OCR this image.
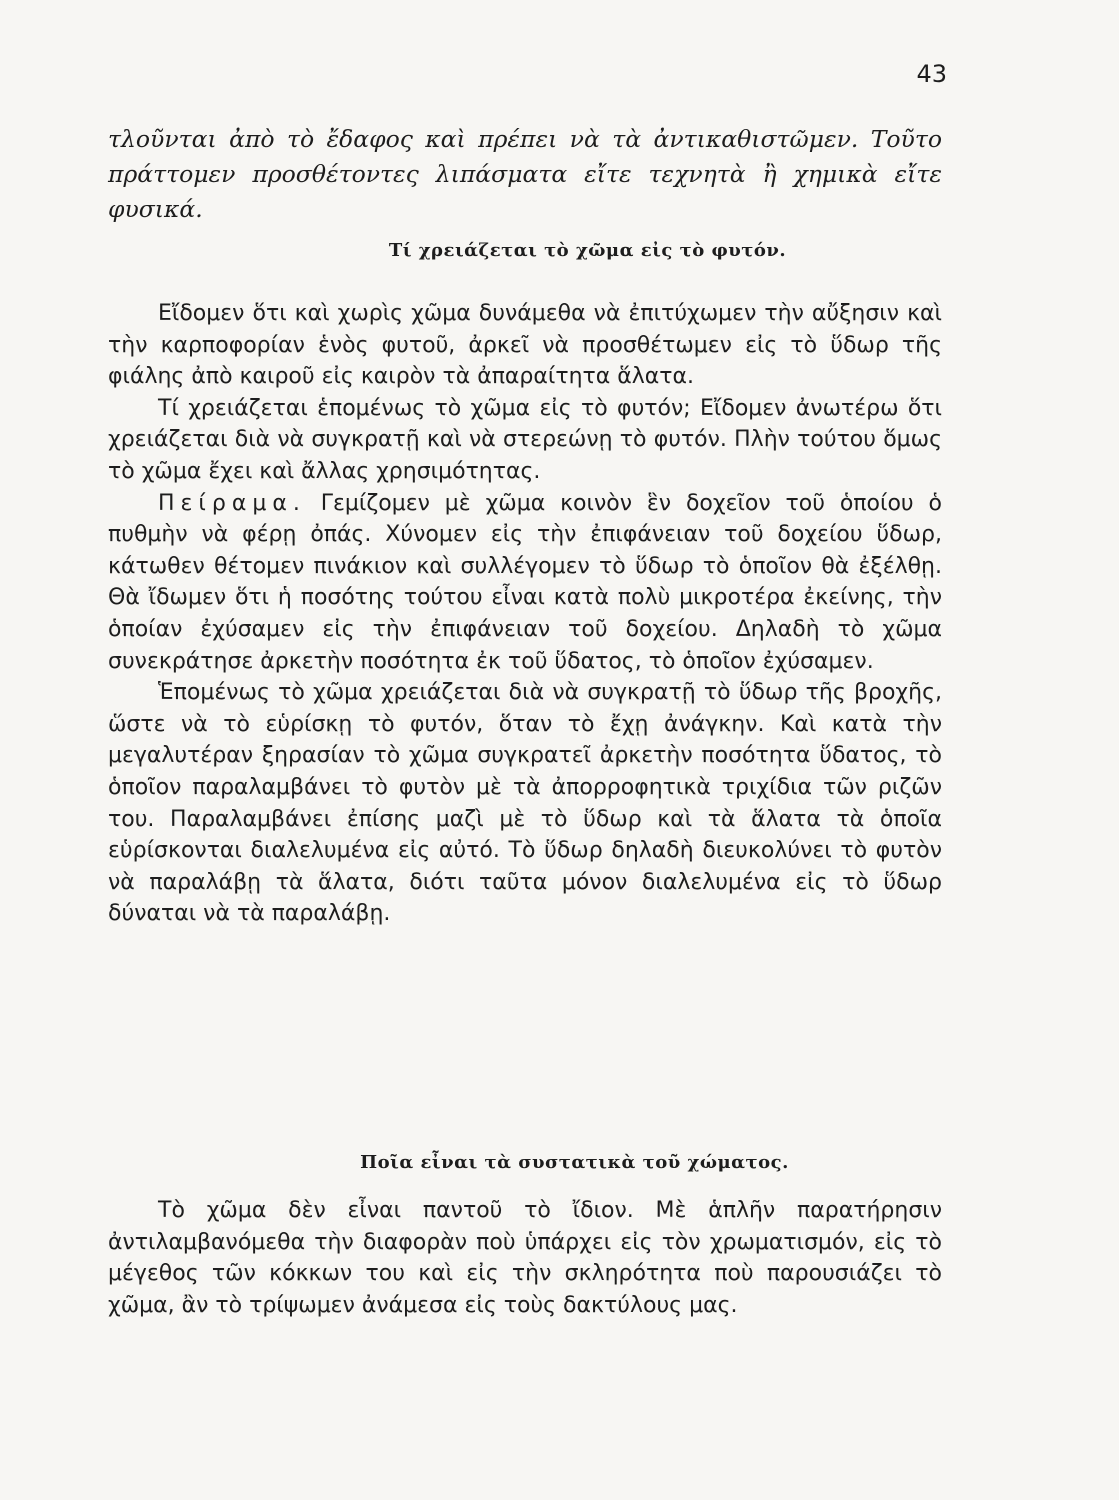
43

τλοῦνται ἀπὸ τὸ ἔδαφος καὶ πρέπει νὰ τὰ ἀντικαθιστῶμεν. Τοῦτο πράττομεν προσθέτοντες λιπάσματα εἴτε τεχνητὰ ἢ χημικὰ εἴτε φυσικά.

Τί χρειάζεται τὸ χῶμα εἰς τὸ φυτόν.

Εἴδομεν ὅτι καὶ χωρὶς χῶμα δυνάμεθα νὰ ἐπιτύχωμεν τὴν αὔξησιν καὶ τὴν καρποφορίαν ἑνὸς φυτοῦ, ἀρκεῖ νὰ προσθέτωμεν εἰς τὸ ὕδωρ τῆς φιάλης ἀπὸ καιροῦ εἰς καιρὸν τὰ ἀπαραίτητα ἅλατα.

Τί χρειάζεται ἑπομένως τὸ χῶμα εἰς τὸ φυτόν; Εἴδομεν ἀνωτέρω ὅτι χρειάζεται διὰ νὰ συγκρατῇ καὶ νὰ στερεώνῃ τὸ φυτόν. Πλὴν τούτου ὅμως τὸ χῶμα ἔχει καὶ ἄλλας χρησιμότητας.

Πείραμα. Γεμίζομεν μὲ χῶμα κοινὸν ἓν δοχεῖον τοῦ ὁποίου ὁ πυθμὴν νὰ φέρῃ ὀπάς. Χύνομεν εἰς τὴν ἐπιφάνειαν τοῦ δοχείου ὕδωρ, κάτωθεν θέτομεν πινάκιον καὶ συλλέγομεν τὸ ὕδωρ τὸ ὁποῖον θὰ ἐξέλθῃ. Θὰ ἴδωμεν ὅτι ἡ ποσότης τούτου εἶναι κατὰ πολὺ μικροτέρα ἐκείνης, τὴν ὁποίαν ἐχύσαμεν εἰς τὴν ἐπιφάνειαν τοῦ δοχείου. Δηλαδὴ τὸ χῶμα συνεκράτησε ἀρκετὴν ποσότητα ἐκ τοῦ ὕδατος, τὸ ὁποῖον ἐχύσαμεν.

Ἑπομένως τὸ χῶμα χρειάζεται διὰ νὰ συγκρατῇ τὸ ὕδωρ τῆς βροχῆς, ὥστε νὰ τὸ εὑρίσκῃ τὸ φυτόν, ὅταν τὸ ἔχῃ ἀνάγκην. Καὶ κατὰ τὴν μεγαλυτέραν ξηρασίαν τὸ χῶμα συγκρατεῖ ἀρκετὴν ποσότητα ὕδατος, τὸ ὁποῖον παραλαμβάνει τὸ φυτὸν μὲ τὰ ἀπορροφητικὰ τριχίδια τῶν ριζῶν του. Παραλαμβάνει ἐπίσης μαζὶ μὲ τὸ ὕδωρ καὶ τὰ ἅλατα τὰ ὁποῖα εὑρίσκονται διαλελυμένα εἰς αὐτό. Τὸ ὕδωρ δηλαδὴ διευκολύνει τὸ φυτὸν νὰ παραλάβῃ τὰ ἅλατα, διότι ταῦτα μόνον διαλελυμένα εἰς τὸ ὕδωρ δύναται νὰ τὰ παραλάβῃ.

Ποῖα εἶναι τὰ συστατικὰ τοῦ χώματος.

Τὸ χῶμα δὲν εἶναι παντοῦ τὸ ἴδιον. Μὲ ἁπλῆν παρατήρησιν ἀντιλαμβανόμεθα τὴν διαφορὰν ποὺ ὑπάρχει εἰς τὸν χρωματισμόν, εἰς τὸ μέγεθος τῶν κόκκων του καὶ εἰς τὴν σκληρότητα ποὺ παρουσιάζει τὸ χῶμα, ἂν τὸ τρίψωμεν ἀνάμεσα εἰς τοὺς δακτύλους μας.
